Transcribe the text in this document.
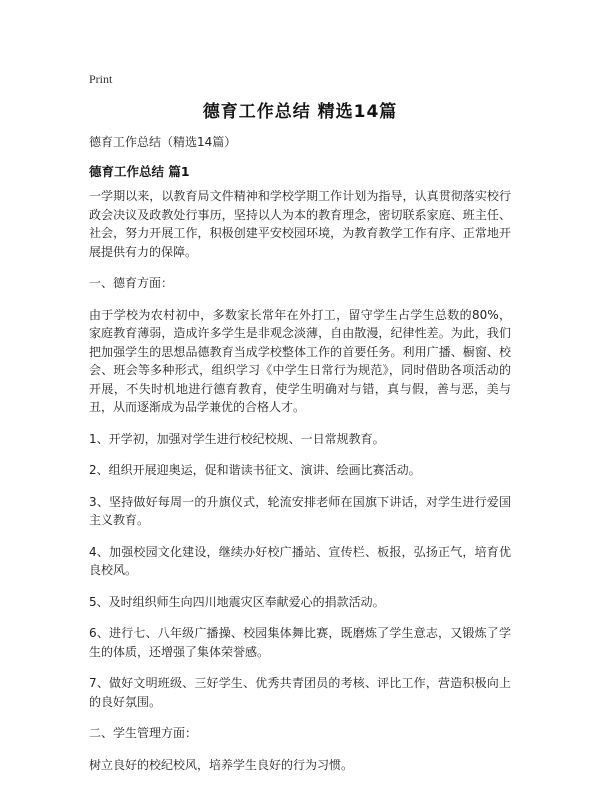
Print
德育工作总结 精选14篇
德育工作总结（精选14篇）
德育工作总结 篇1

一学期以来，以教育局文件精神和学校学期工作计划为指导，认真贯彻落实校行政会决议及政教处行事历，坚持以人为本的教育理念，密切联系家庭、班主任、社会，努力开展工作，积极创建平安校园环境，为教育教学工作有序、正常地开展提供有力的保障。

一、德育方面：

由于学校为农村初中，多数家长常年在外打工，留守学生占学生总数的80%，家庭教育薄弱，造成许多学生是非观念淡薄，自由散漫，纪律性差。为此，我们把加强学生的思想品德教育当成学校整体工作的首要任务。利用广播、橱窗、校会、班会等多种形式，组织学习《中学生日常行为规范》，同时借助各项活动的开展，不失时机地进行德育教育，使学生明确对与错，真与假，善与恶，美与丑，从而逐渐成为品学兼优的合格人才。

1、开学初，加强对学生进行校纪校规、一日常规教育。

2、组织开展迎奥运，促和谐读书征文、演讲、绘画比赛活动。

3、坚持做好每周一的升旗仪式，轮流安排老师在国旗下讲话，对学生进行爱国主义教育。

4、加强校园文化建设，继续办好校广播站、宣传栏、板报，弘扬正气，培育优良校风。

5、及时组织师生向四川地震灾区奉献爱心的捐款活动。

6、进行七、八年级广播操、校园集体舞比赛，既磨炼了学生意志，又锻炼了学生的体质，还增强了集体荣誉感。

7、做好文明班级、三好学生、优秀共青团员的考核、评比工作，营造积极向上的良好氛围。

二、学生管理方面：

树立良好的校纪校风，培养学生良好的行为习惯。
